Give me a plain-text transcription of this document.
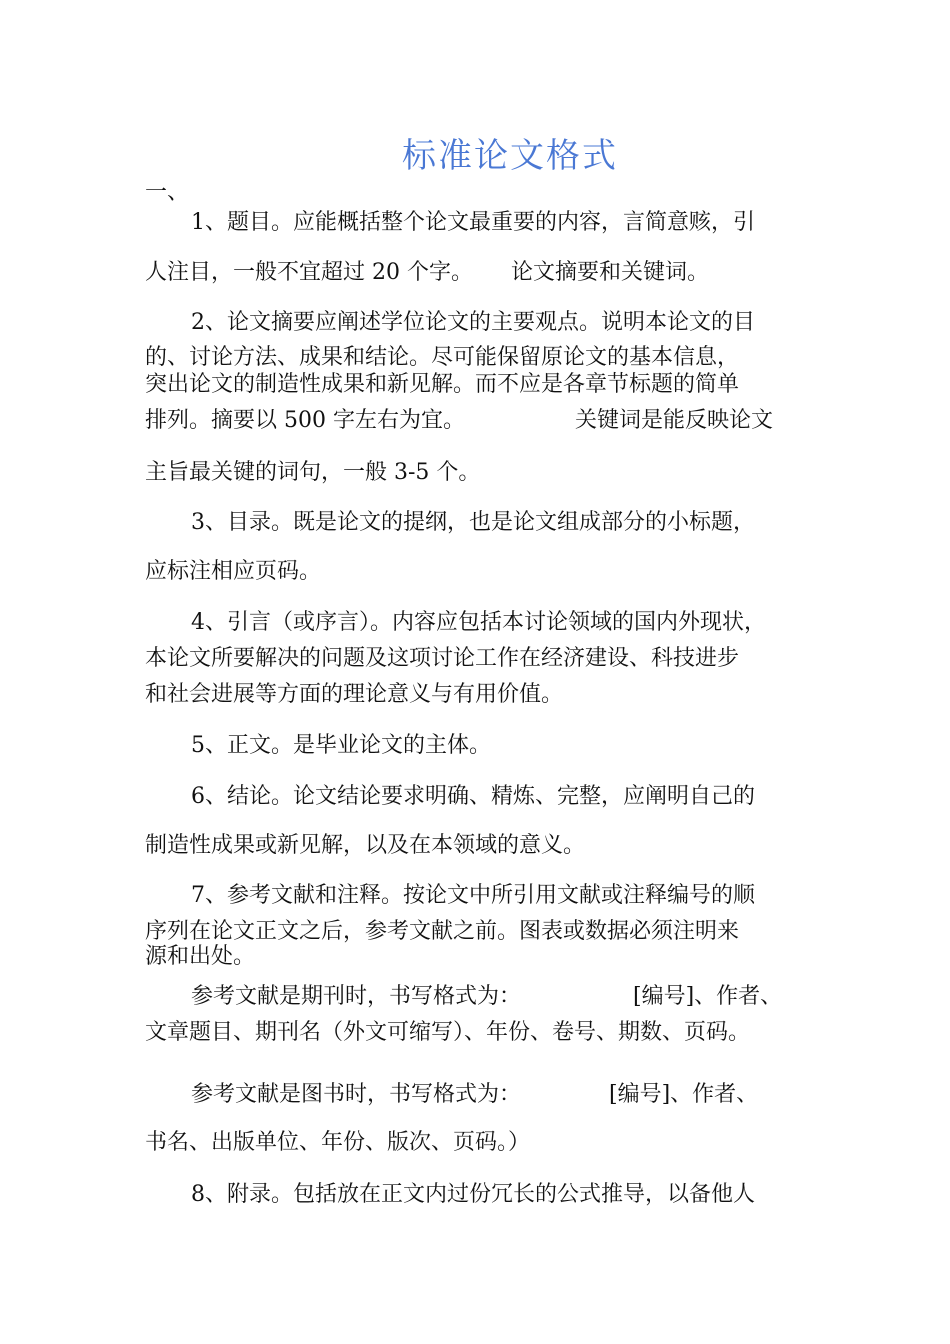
标准论文格式
一、
1、题目。应能概括整个论文最重要的内容，言简意赅，引
人注目，一般不宜超过 20 个字。 论文摘要和关键词。
2、论文摘要应阐述学位论文的主要观点。说明本论文的目
的、讨论方法、成果和结论。尽可能保留原论文的基本信息，
突出论文的制造性成果和新见解。而不应是各章节标题的简单
排列。摘要以 500 字左右为宜。	关键词是能反映论文
主旨最关键的词句，一般 3-5 个。
3、目录。既是论文的提纲，也是论文组成部分的小标题，
应标注相应页码。
4、引言（或序言）。内容应包括本讨论领域的国内外现状，
本论文所要解决的问题及这项讨论工作在经济建设、科技进步
和社会进展等方面的理论意义与有用价值。
5、正文。是毕业论文的主体。
6、结论。论文结论要求明确、精炼、完整，应阐明自己的
制造性成果或新见解，以及在本领域的意义。
7、参考文献和注释。按论文中所引用文献或注释编号的顺
序列在论文正文之后，参考文献之前。图表或数据必须注明来
源和出处。
参考文献是期刊时，书写格式为：	[编号]、作者、
文章题目、期刊名（外文可缩写）、年份、卷号、期数、页码。
参考文献是图书时，书写格式为：	[编号]、作者、
书名、出版单位、年份、版次、页码。）
8、附录。包括放在正文内过份冗长的公式推导，以备他人
